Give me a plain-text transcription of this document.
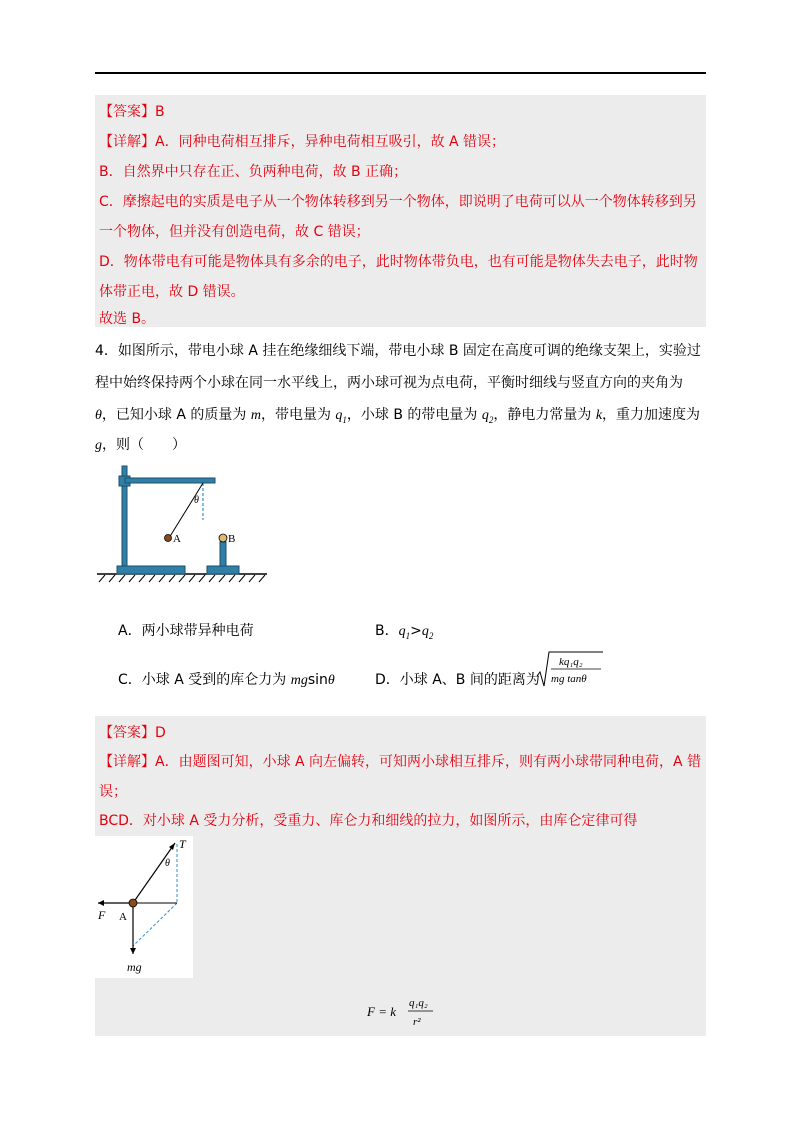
【答案】B
【详解】A．同种电荷相互排斥，异种电荷相互吸引，故 A 错误；
B．自然界中只存在正、负两种电荷，故 B 正确；
C．摩擦起电的实质是电子从一个物体转移到另一个物体，即说明了电荷可以从一个物体转移到另
一个物体，但并没有创造电荷，故 C 错误；
D．物体带电有可能是物体具有多余的电子，此时物体带负电，也有可能是物体失去电子，此时物
体带正电，故 D 错误。
故选 B。
4．如图所示，带电小球 A 挂在绝缘细线下端，带电小球 B 固定在高度可调的绝缘支架上，实验过
程中始终保持两个小球在同一水平线上，两小球可视为点电荷，平衡时细线与竖直方向的夹角为
θ，已知小球 A 的质量为 m，带电量为 $q_1$，小球 B 的带电量为 $q_2$，静电力常量为 k，重力加速度为
g，则（　　）
θ
A	B
A．两小球带异种电荷	B．$q_1>q_2$
C．小球 A 受到的库仑力为 mgsinθ	D．小球 A、B 间的距离为
kq₁q₂
mg tanθ
【答案】D
【详解】A．由题图可知，小球 A 向左偏转，可知两小球相互排斥，则有两小球带同种电荷，A 错
误；
BCD．对小球 A 受力分析，受重力、库仑力和细线的拉力，如图所示，由库仑定律可得
T
θ
F
mg
A
F = k
q₁q₂
r²
